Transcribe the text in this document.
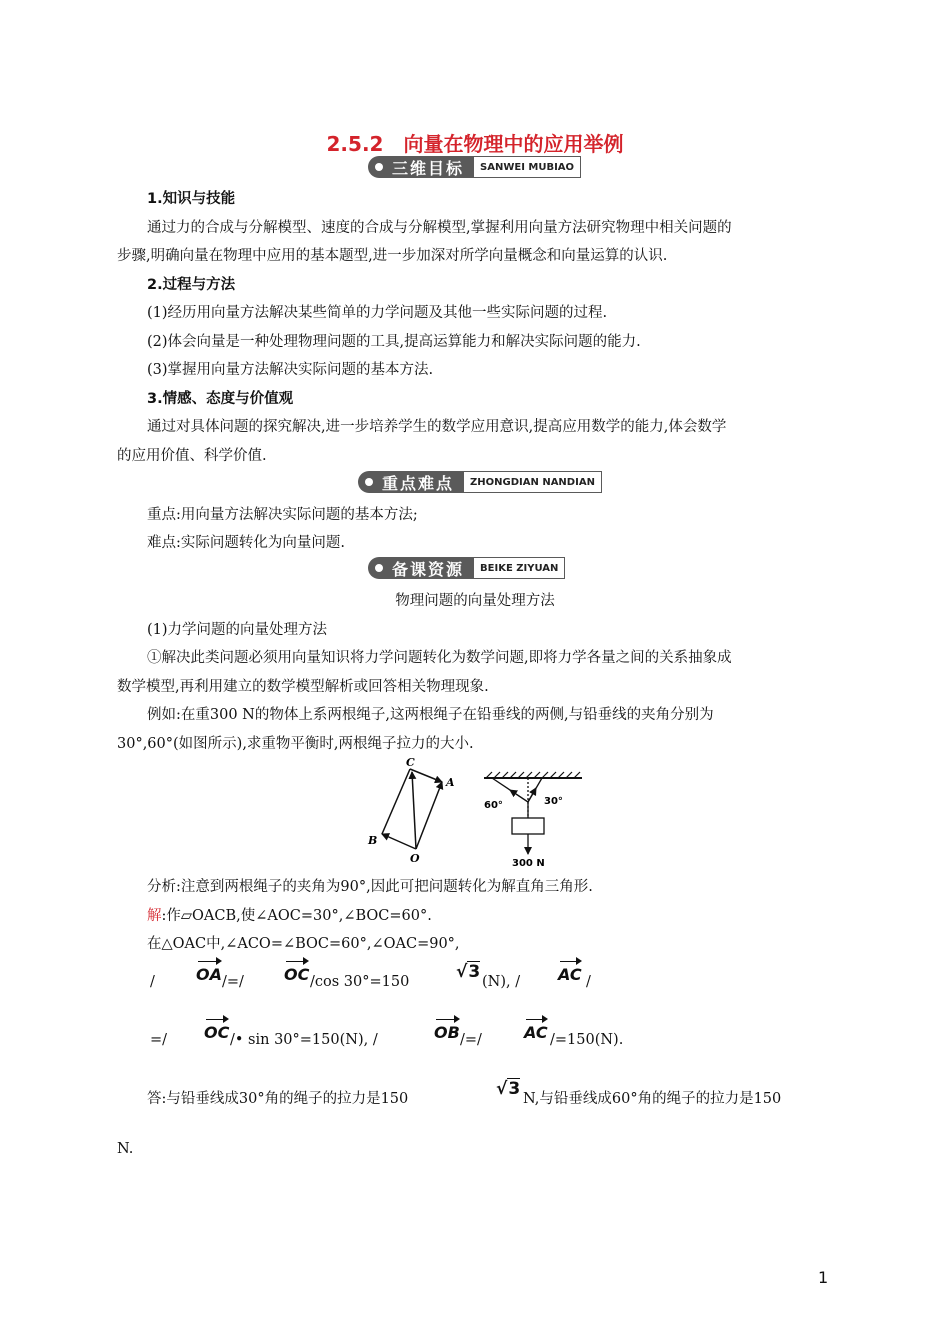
2.5.2　向量在物理中的应用举例
三维目标	SANWEI MUBIAO
1.知识与技能
通过力的合成与分解模型、速度的合成与分解模型,掌握利用向量方法研究物理中相关问题的
步骤,明确向量在物理中应用的基本题型,进一步加深对所学向量概念和向量运算的认识.
2.过程与方法
(1)经历用向量方法解决某些简单的力学问题及其他一些实际问题的过程.
(2)体会向量是一种处理物理问题的工具,提高运算能力和解决实际问题的能力.
(3)掌握用向量方法解决实际问题的基本方法.
3.情感、态度与价值观
通过对具体问题的探究解决,进一步培养学生的数学应用意识,提高应用数学的能力,体会数学
的应用价值、科学价值.
重点难点	ZHONGDIAN NANDIAN
重点:用向量方法解决实际问题的基本方法;
难点:实际问题转化为向量问题.
备课资源	BEIKE ZIYUAN
物理问题的向量处理方法
(1)力学问题的向量处理方法
①解决此类问题必须用向量知识将力学问题转化为数学问题,即将力学各量之间的关系抽象成
数学模型,再利用建立的数学模型解析或回答相关物理现象.
例如:在重300 N的物体上系两根绳子,这两根绳子在铅垂线的两侧,与铅垂线的夹角分别为
30°,60°(如图所示),求重物平衡时,两根绳子拉力的大小.
C
A
B
O
60°	30°
300 N
分析:注意到两根绳子的夹角为90°,因此可把问题转化为解直角三角形.
解:作▱OACB,使∠AOC=30°,∠BOC=60°.
在△OAC中,∠ACO=∠BOC=60°,∠OAC=90°,
/	OA /=/	OC /cos 30°=150	√3 (N), / AC /
=/ OC /• sin 30°=150(N), /	OB /=/	AC /=150(N).
答:与铅垂线成30°角的绳子的拉力是150	√3 N,与铅垂线成60°角的绳子的拉力是150
N.
1
